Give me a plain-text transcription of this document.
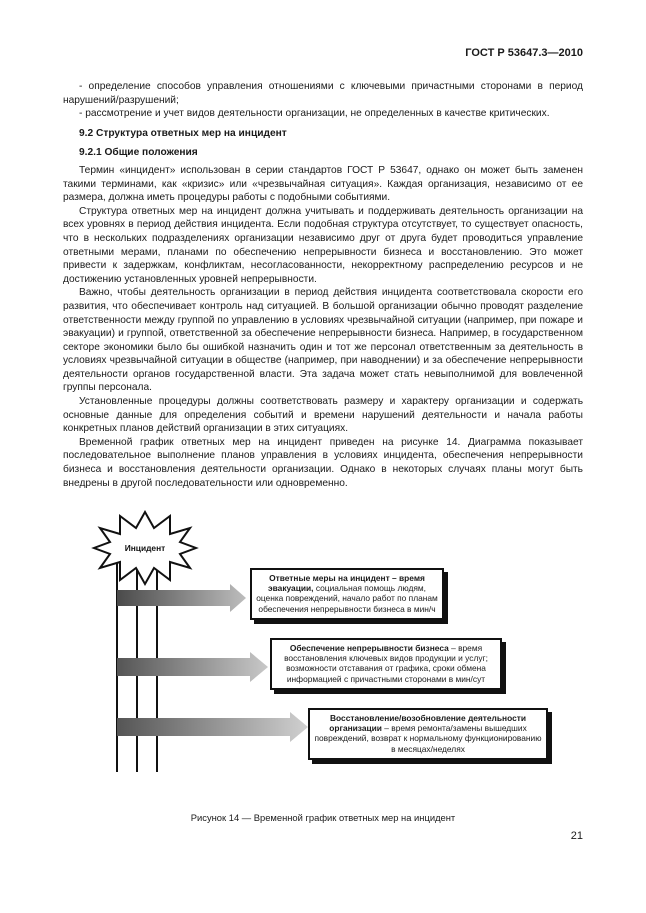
ГОСТ Р 53647.3—2010

- определение способов управления отношениями с ключевыми причастными сторонами в период нарушений/разрушений;

- рассмотрение и учет видов деятельности организации, не определенных в качестве критических.

9.2 Структура ответных мер на инцидент

9.2.1 Общие положения

Термин «инцидент» использован в серии стандартов ГОСТ Р 53647, однако он может быть заменен такими терминами, как «кризис» или «чрезвычайная ситуация». Каждая организация, независимо от ее размера, должна иметь процедуры работы с подобными событиями.

Структура ответных мер на инцидент должна учитывать и поддерживать деятельность организации на всех уровнях в период действия инцидента. Если подобная структура отсутствует, то существует опасность, что в нескольких подразделениях организации независимо друг от друга будет проводиться управление ответными мерами, планами по обеспечению непрерывности бизнеса и восстановлению. Это может привести к задержкам, конфликтам, несогласованности, некорректному распределению ресурсов и не достижению установленных уровней непрерывности.

Важно, чтобы деятельность организации в период действия инцидента соответствовала скорости его развития, что обеспечивает контроль над ситуацией. В большой организации обычно проводят разделение ответственности между группой по управлению в условиях чрезвычайной ситуации (например, при пожаре и эвакуации) и группой, ответственной за обеспечение непрерывности бизнеса. Например, в государственном секторе экономики было бы ошибкой назначить один и тот же персонал ответственным за деятельность в условиях чрезвычайной ситуации в обществе (например, при наводнении) и за обеспечение непрерывности деятельности органов государственной власти. Эта задача может стать невыполнимой для вовлеченной группы персонала.

Установленные процедуры должны соответствовать размеру и характеру организации и содержать основные данные для определения событий и времени нарушений деятельности и начала работы конкретных планов действий организации в этих ситуациях.

Временной график ответных мер на инцидент приведен на рисунке 14. Диаграмма показывает последовательное выполнение планов управления в условиях инцидента, обеспечения непрерывности бизнеса и восстановления деятельности организации. Однако в некоторых случаях планы могут быть внедрены в другой последовательности или одновременно.

Инцидент
Ответные меры на инцидент – время эвакуации, социальная помощь людям, оценка повреждений, начало работ по планам обеспечения непрерывности бизнеса в мин/ч
Обеспечение непрерывности бизнеса – время восстановления ключевых видов продукции и услуг; возможности отставания от графика, сроки обмена информацией с причастными сторонами в мин/сут
Восстановление/возобновление деятельности организации – время ремонта/замены вышедших повреждений, возврат к нормальному функционированию в месяцах/неделях
Рисунок 14 — Временной график ответных мер на инцидент
21
